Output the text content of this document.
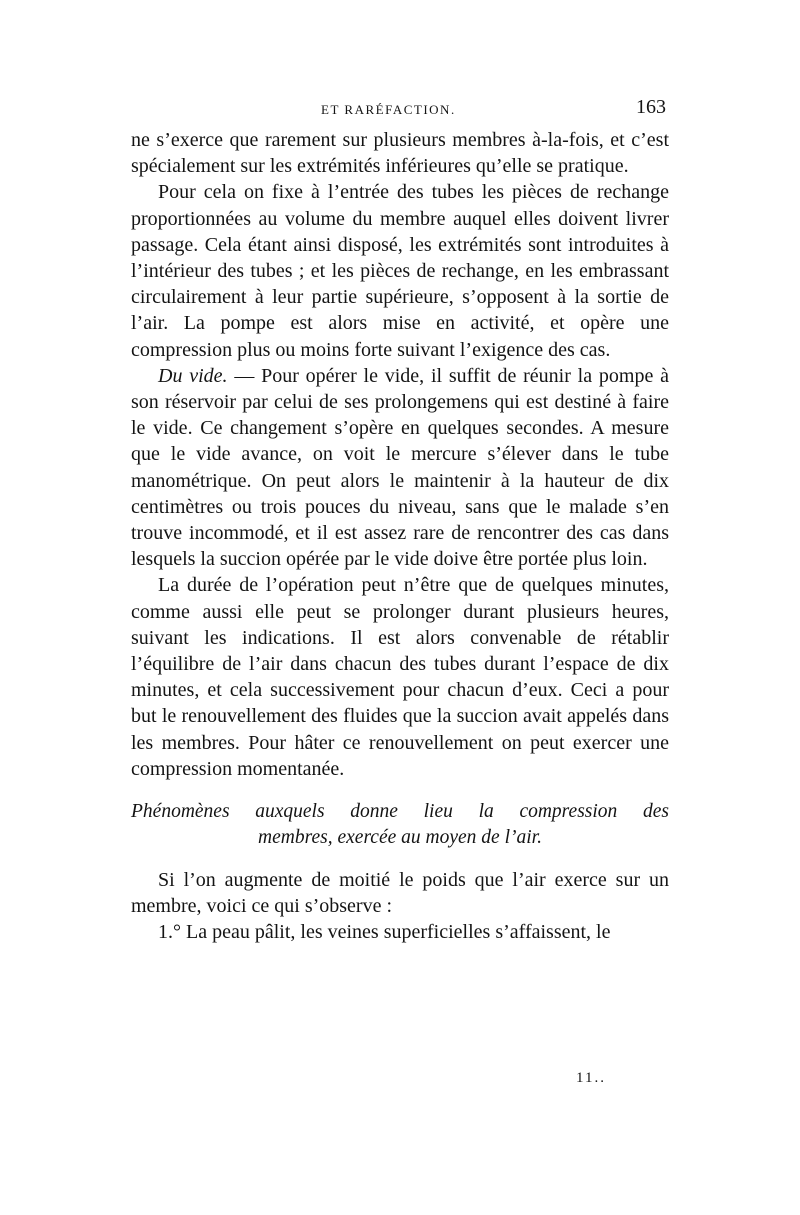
ET RARÉFACTION.	163

ne s’exerce que rarement sur plusieurs membres à-la-fois, et c’est spécialement sur les extrémités inférieures qu’elle se pratique.

Pour cela on fixe à l’entrée des tubes les pièces de rechange proportionnées au volume du membre auquel elles doivent livrer passage. Cela étant ainsi disposé, les extrémités sont introduites à l’intérieur des tubes ; et les pièces de rechange, en les embrassant circulairement à leur partie supérieure, s’opposent à la sortie de l’air. La pompe est alors mise en activité, et opère une compression plus ou moins forte suivant l’exigence des cas.

Du vide. — Pour opérer le vide, il suffit de réunir la pompe à son réservoir par celui de ses prolongemens qui est destiné à faire le vide. Ce changement s’opère en quelques secondes. A mesure que le vide avance, on voit le mercure s’élever dans le tube manométrique. On peut alors le maintenir à la hauteur de dix centimètres ou trois pouces du niveau, sans que le malade s’en trouve incommodé, et il est assez rare de rencontrer des cas dans lesquels la succion opérée par le vide doive être portée plus loin.

La durée de l’opération peut n’être que de quelques minutes, comme aussi elle peut se prolonger durant plusieurs heures, suivant les indications. Il est alors convenable de rétablir l’équilibre de l’air dans chacun des tubes durant l’espace de dix minutes, et cela successivement pour chacun d’eux. Ceci a pour but le renouvellement des fluides que la succion avait appelés dans les membres. Pour hâter ce renouvellement on peut exercer une compression momentanée.

Phénomènes auxquels donne lieu la compression des
membres, exercée au moyen de l’air.

Si l’on augmente de moitié le poids que l’air exerce sur un membre, voici ce qui s’observe :

1.° La peau pâlit, les veines superficielles s’affaissent, le

11..
